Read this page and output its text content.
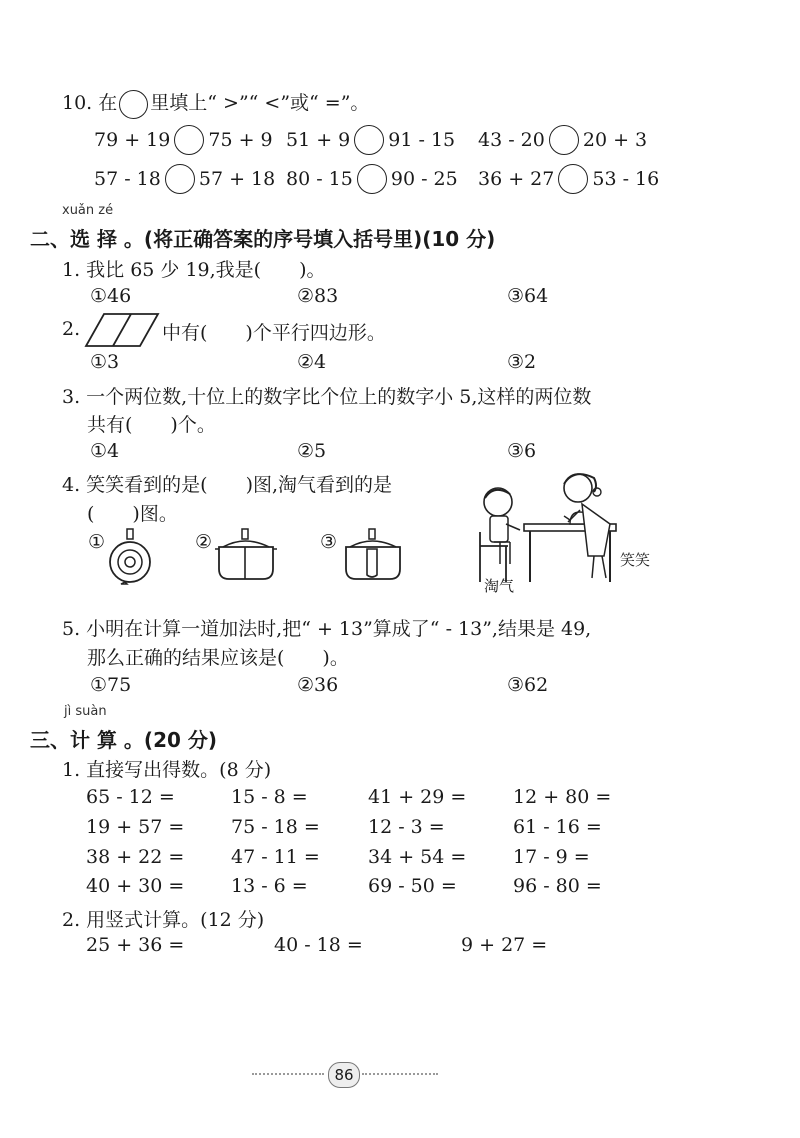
10. 在 里填上“ >”“ <”或“ =”。
79 + 19 75 + 9 51 + 9 91 - 15 43 - 20 20 + 3
57 - 18 57 + 18 80 - 15 90 - 25 36 + 27 53 - 16
xuǎn zé
二、选 择 。(将正确答案的序号填入括号里)(10 分)
1. 我比 65 少 19,我是(　　)。
①46	②83	③64
2.	中有(　　)个平行四边形。
①3	②4	③2
3. 一个两位数,十位上的数字比个位上的数字小 5,这样的两位数
共有(　　)个。
①4	②5	③6
4. 笑笑看到的是(　　)图,淘气看到的是
(　　)图。
①	②	③
笑笑
淘气
5. 小明在计算一道加法时,把“ + 13”算成了“ - 13”,结果是 49,
那么正确的结果应该是(　　)。
①75	②36	③62
jì suàn
三、计 算 。(20 分)
1. 直接写出得数。(8 分)
65 - 12 =	15 - 8 =	41 + 29 = 12 + 80 =
19 + 57 = 75 - 18 =	12 - 3 =	61 - 16 =
38 + 22 = 47 - 11 =	34 + 54 = 17 - 9 =
40 + 30 = 13 - 6 =	69 - 50 =	96 - 80 =
2. 用竖式计算。(12 分)
25 + 36 =	40 - 18 =	9 + 27 =
86
